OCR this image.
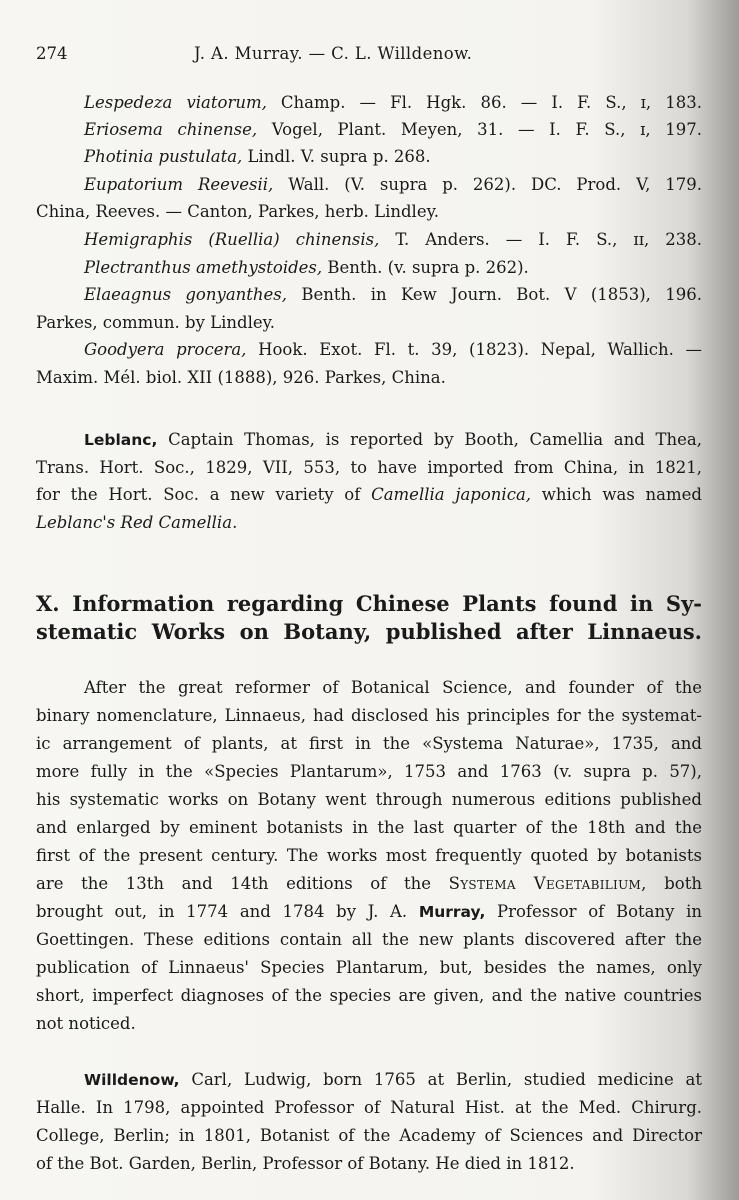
274	J. A. Murray. — C. L. Willdenow.
Lespedeza viatorum, Champ. — Fl. Hgk. 86. — I. F. S., ɪ, 183.
Eriosema chinense, Vogel, Plant. Meyen, 31. — I. F. S., ɪ, 197.
Photinia pustulata, Lindl. V. supra p. 268.
Eupatorium Reevesii, Wall. (V. supra p. 262). DC. Prod. V, 179.
China, Reeves. — Canton, Parkes, herb. Lindley.
Hemigraphis (Ruellia) chinensis, T. Anders. — I. F. S., ɪɪ, 238.
Plectranthus amethystoides, Benth. (v. supra p. 262).
Elaeagnus gonyanthes, Benth. in Kew Journ. Bot. V (1853), 196.
Parkes, commun. by Lindley.
Goodyera procera, Hook. Exot. Fl. t. 39, (1823). Nepal, Wallich. —
Maxim. Mél. biol. XII (1888), 926. Parkes, China.
Leblanc, Captain Thomas, is reported by Booth, Camellia and Thea,
Trans. Hort. Soc., 1829, VII, 553, to have imported from China, in 1821,
for the Hort. Soc. a new variety of Camellia japonica, which was named
Leblanc's Red Camellia.
X. Information regarding Chinese Plants found in Sy-
stematic Works on Botany, published after Linnaeus.
After the great reformer of Botanical Science, and founder of the
binary nomenclature, Linnaeus, had disclosed his principles for the systemat-
ic arrangement of plants, at first in the «Systema Naturae», 1735, and
more fully in the «Species Plantarum», 1753 and 1763 (v. supra p. 57),
his systematic works on Botany went through numerous editions published
and enlarged by eminent botanists in the last quarter of the 18th and the
first of the present century. The works most frequently quoted by botanists
are the 13th and 14th editions of the Systema Vegetabilium, both
brought out, in 1774 and 1784 by J. A. Murray, Professor of Botany in
Goettingen. These editions contain all the new plants discovered after the
publication of Linnaeus' Species Plantarum, but, besides the names, only
short, imperfect diagnoses of the species are given, and the native countries
not noticed.
Willdenow, Carl, Ludwig, born 1765 at Berlin, studied medicine at
Halle. In 1798, appointed Professor of Natural Hist. at the Med. Chirurg.
College, Berlin; in 1801, Botanist of the Academy of Sciences and Director
of the Bot. Garden, Berlin, Professor of Botany. He died in 1812.
